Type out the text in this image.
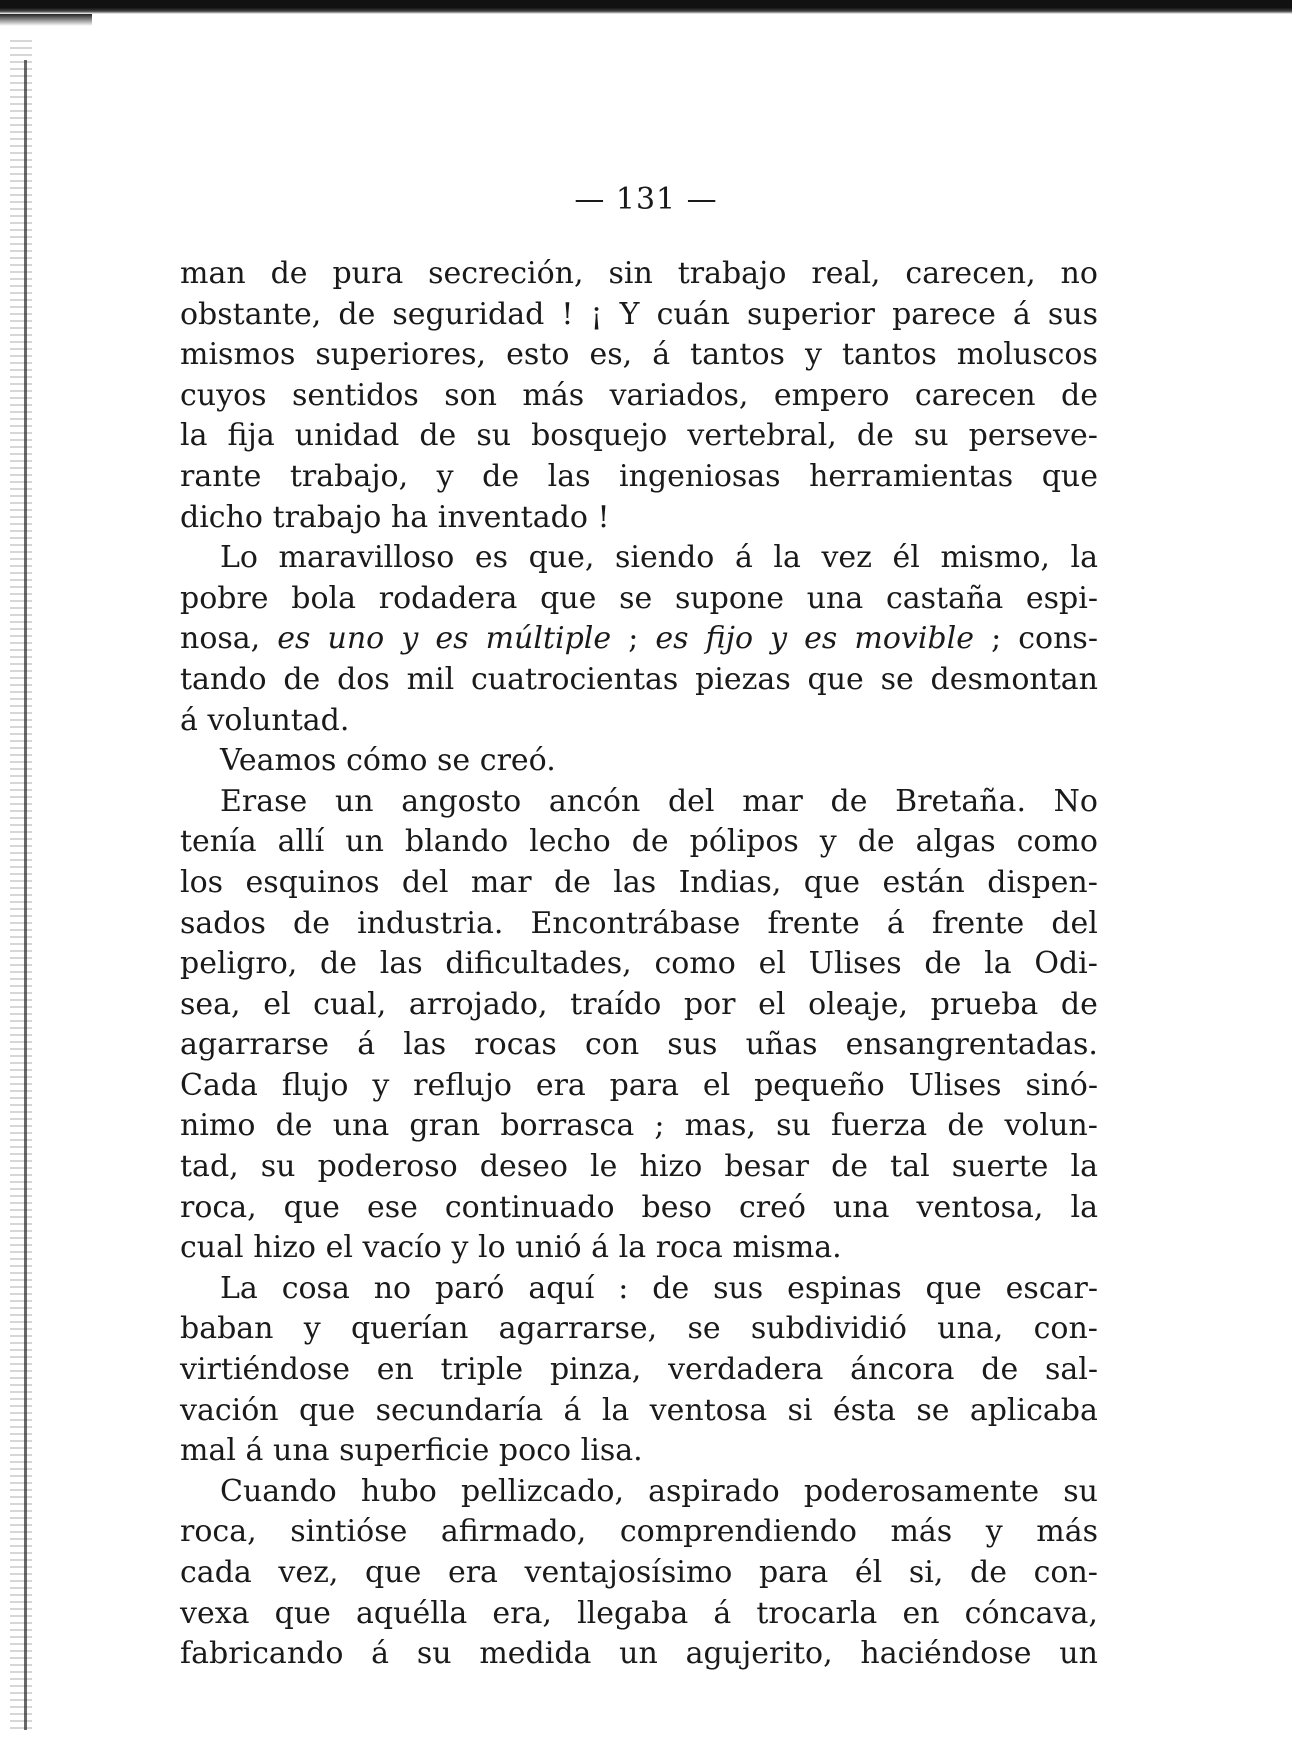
— 131 —
man de pura secreción, sin trabajo real, carecen, no
obstante, de seguridad ! ¡ Y cuán superior parece á sus
mismos superiores, esto es, á tantos y tantos moluscos
cuyos sentidos son más variados, empero carecen de
la fija unidad de su bosquejo vertebral, de su perseve-
rante trabajo, y de las ingeniosas herramientas que
dicho trabajo ha inventado !
Lo maravilloso es que, siendo á la vez él mismo, la
pobre bola rodadera que se supone una castaña espi-
nosa, es uno y es múltiple ; es fijo y es movible ; cons-
tando de dos mil cuatrocientas piezas que se desmontan
á voluntad.
Veamos cómo se creó.
Erase un angosto ancón del mar de Bretaña. No
tenía allí un blando lecho de pólipos y de algas como
los esquinos del mar de las Indias, que están dispen-
sados de industria. Encontrábase frente á frente del
peligro, de las dificultades, como el Ulises de la Odi-
sea, el cual, arrojado, traído por el oleaje, prueba de
agarrarse á las rocas con sus uñas ensangrentadas.
Cada flujo y reflujo era para el pequeño Ulises sinó-
nimo de una gran borrasca ; mas, su fuerza de volun-
tad, su poderoso deseo le hizo besar de tal suerte la
roca, que ese continuado beso creó una ventosa, la
cual hizo el vacío y lo unió á la roca misma.
La cosa no paró aquí : de sus espinas que escar-
baban y querían agarrarse, se subdividió una, con-
virtiéndose en triple pinza, verdadera áncora de sal-
vación que secundaría á la ventosa si ésta se aplicaba
mal á una superficie poco lisa.
Cuando hubo pellizcado, aspirado poderosamente su
roca, sintióse afirmado, comprendiendo más y más
cada vez, que era ventajosísimo para él si, de con-
vexa que aquélla era, llegaba á trocarla en cóncava,
fabricando á su medida un agujerito, haciéndose un
